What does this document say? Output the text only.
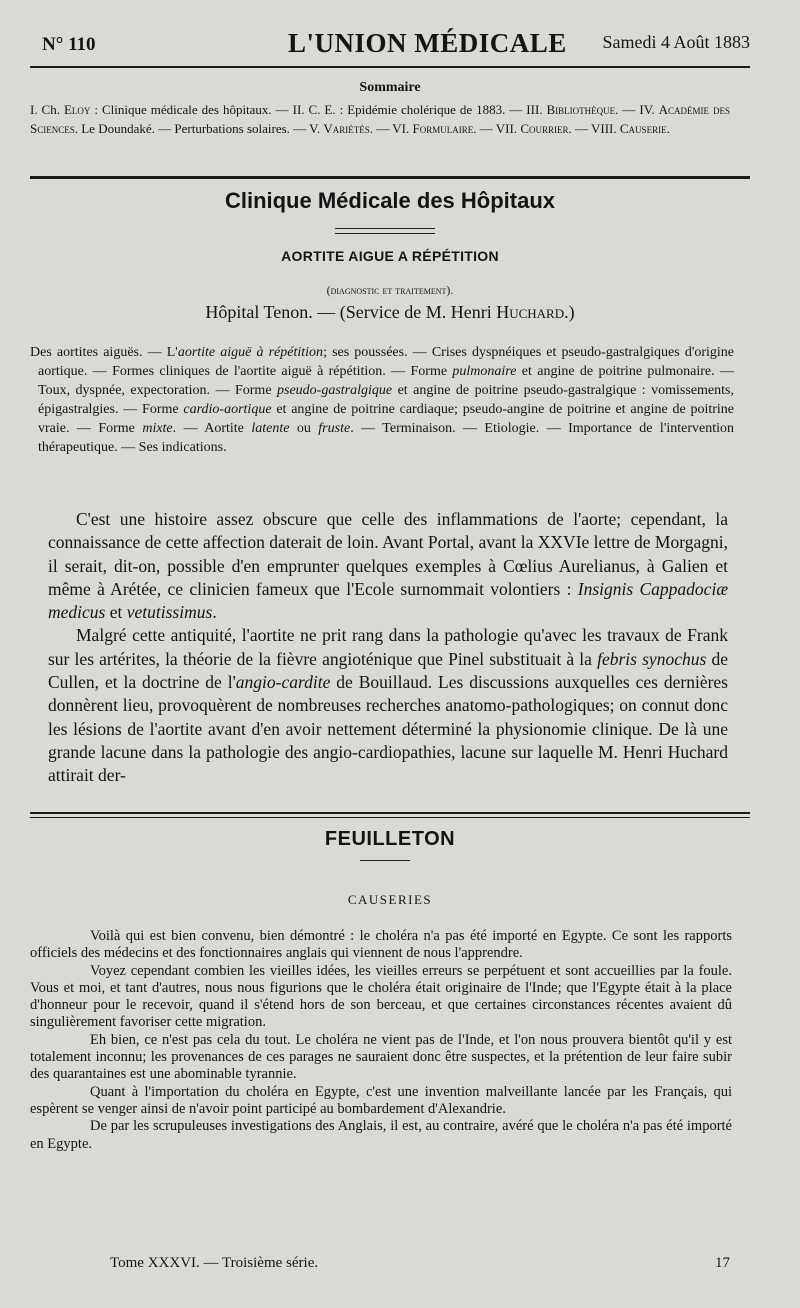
N° 110	L'UNION MÉDICALE Samedi 4 Août 1883
Sommaire
I. Ch. Eloy : Clinique médicale des hôpitaux. — II. C. E. : Epidémie cholérique de 1883. — III. Bibliothèque. — IV. Académie des Sciences. Le Doundaké. — Perturbations solaires. — V. Variétés. — VI. Formulaire. — VII. Courrier. — VIII. Causerie.
Clinique Médicale des Hôpitaux
AORTITE AIGUE A RÉPÉTITION
(diagnostic et traitement).
Hôpital Tenon. — (Service de M. Henri Huchard.)
Des aortites aiguës. — L'aortite aiguë à répétition; ses poussées. — Crises dyspnéiques et pseudo-gastralgiques d'origine aortique. — Formes cliniques de l'aortite aiguë à répétition. — Forme pulmonaire et angine de poitrine pulmonaire. — Toux, dyspnée, expectoration. — Forme pseudo-gastralgique et angine de poitrine pseudo-gastralgique : vomissements, épigastralgies. — Forme cardio-aortique et angine de poitrine cardiaque; pseudo-angine de poitrine et angine de poitrine vraie. — Forme mixte. — Aortite latente ou fruste. — Terminaison. — Etiologie. — Importance de l'intervention thérapeutique. — Ses indications.

C'est une histoire assez obscure que celle des inflammations de l'aorte; cependant, la connaissance de cette affection daterait de loin. Avant Portal, avant la XXVIe lettre de Morgagni, il serait, dit-on, possible d'en emprunter quelques exemples à Cœlius Aurelianus, à Galien et même à Arétée, ce clinicien fameux que l'Ecole surnommait volontiers : Insignis Cappadociæ medicus et vetutissimus.

Malgré cette antiquité, l'aortite ne prit rang dans la pathologie qu'avec les travaux de Frank sur les artérites, la théorie de la fièvre angioténique que Pinel substituait à la febris synochus de Cullen, et la doctrine de l'angio-cardite de Bouillaud. Les discussions auxquelles ces dernières donnèrent lieu, provoquèrent de nombreuses recherches anatomo-pathologiques; on connut donc les lésions de l'aortite avant d'en avoir nettement déterminé la physionomie clinique. De là une grande lacune dans la pathologie des angio-cardiopathies, lacune sur laquelle M. Henri Huchard attirait der-

FEUILLETON
CAUSERIES

Voilà qui est bien convenu, bien démontré : le choléra n'a pas été importé en Egypte. Ce sont les rapports officiels des médecins et des fonctionnaires anglais qui viennent de nous l'apprendre.

Voyez cependant combien les vieilles idées, les vieilles erreurs se perpétuent et sont accueillies par la foule. Vous et moi, et tant d'autres, nous nous figurions que le choléra était originaire de l'Inde; que l'Egypte était à la place d'honneur pour le recevoir, quand il s'étend hors de son berceau, et que certaines circonstances récentes avaient dû singulièrement favoriser cette migration.

Eh bien, ce n'est pas cela du tout. Le choléra ne vient pas de l'Inde, et l'on nous prouvera bientôt qu'il y est totalement inconnu; les provenances de ces parages ne sauraient donc être suspectes, et la prétention de leur faire subir des quarantaines est une abominable tyrannie.

Quant à l'importation du choléra en Egypte, c'est une invention malveillante lancée par les Français, qui espèrent se venger ainsi de n'avoir point participé au bombardement d'Alexandrie.

De par les scrupuleuses investigations des Anglais, il est, au contraire, avéré que le choléra n'a pas été importé en Egypte.

Tome XXXVI. — Troisième série.	17
